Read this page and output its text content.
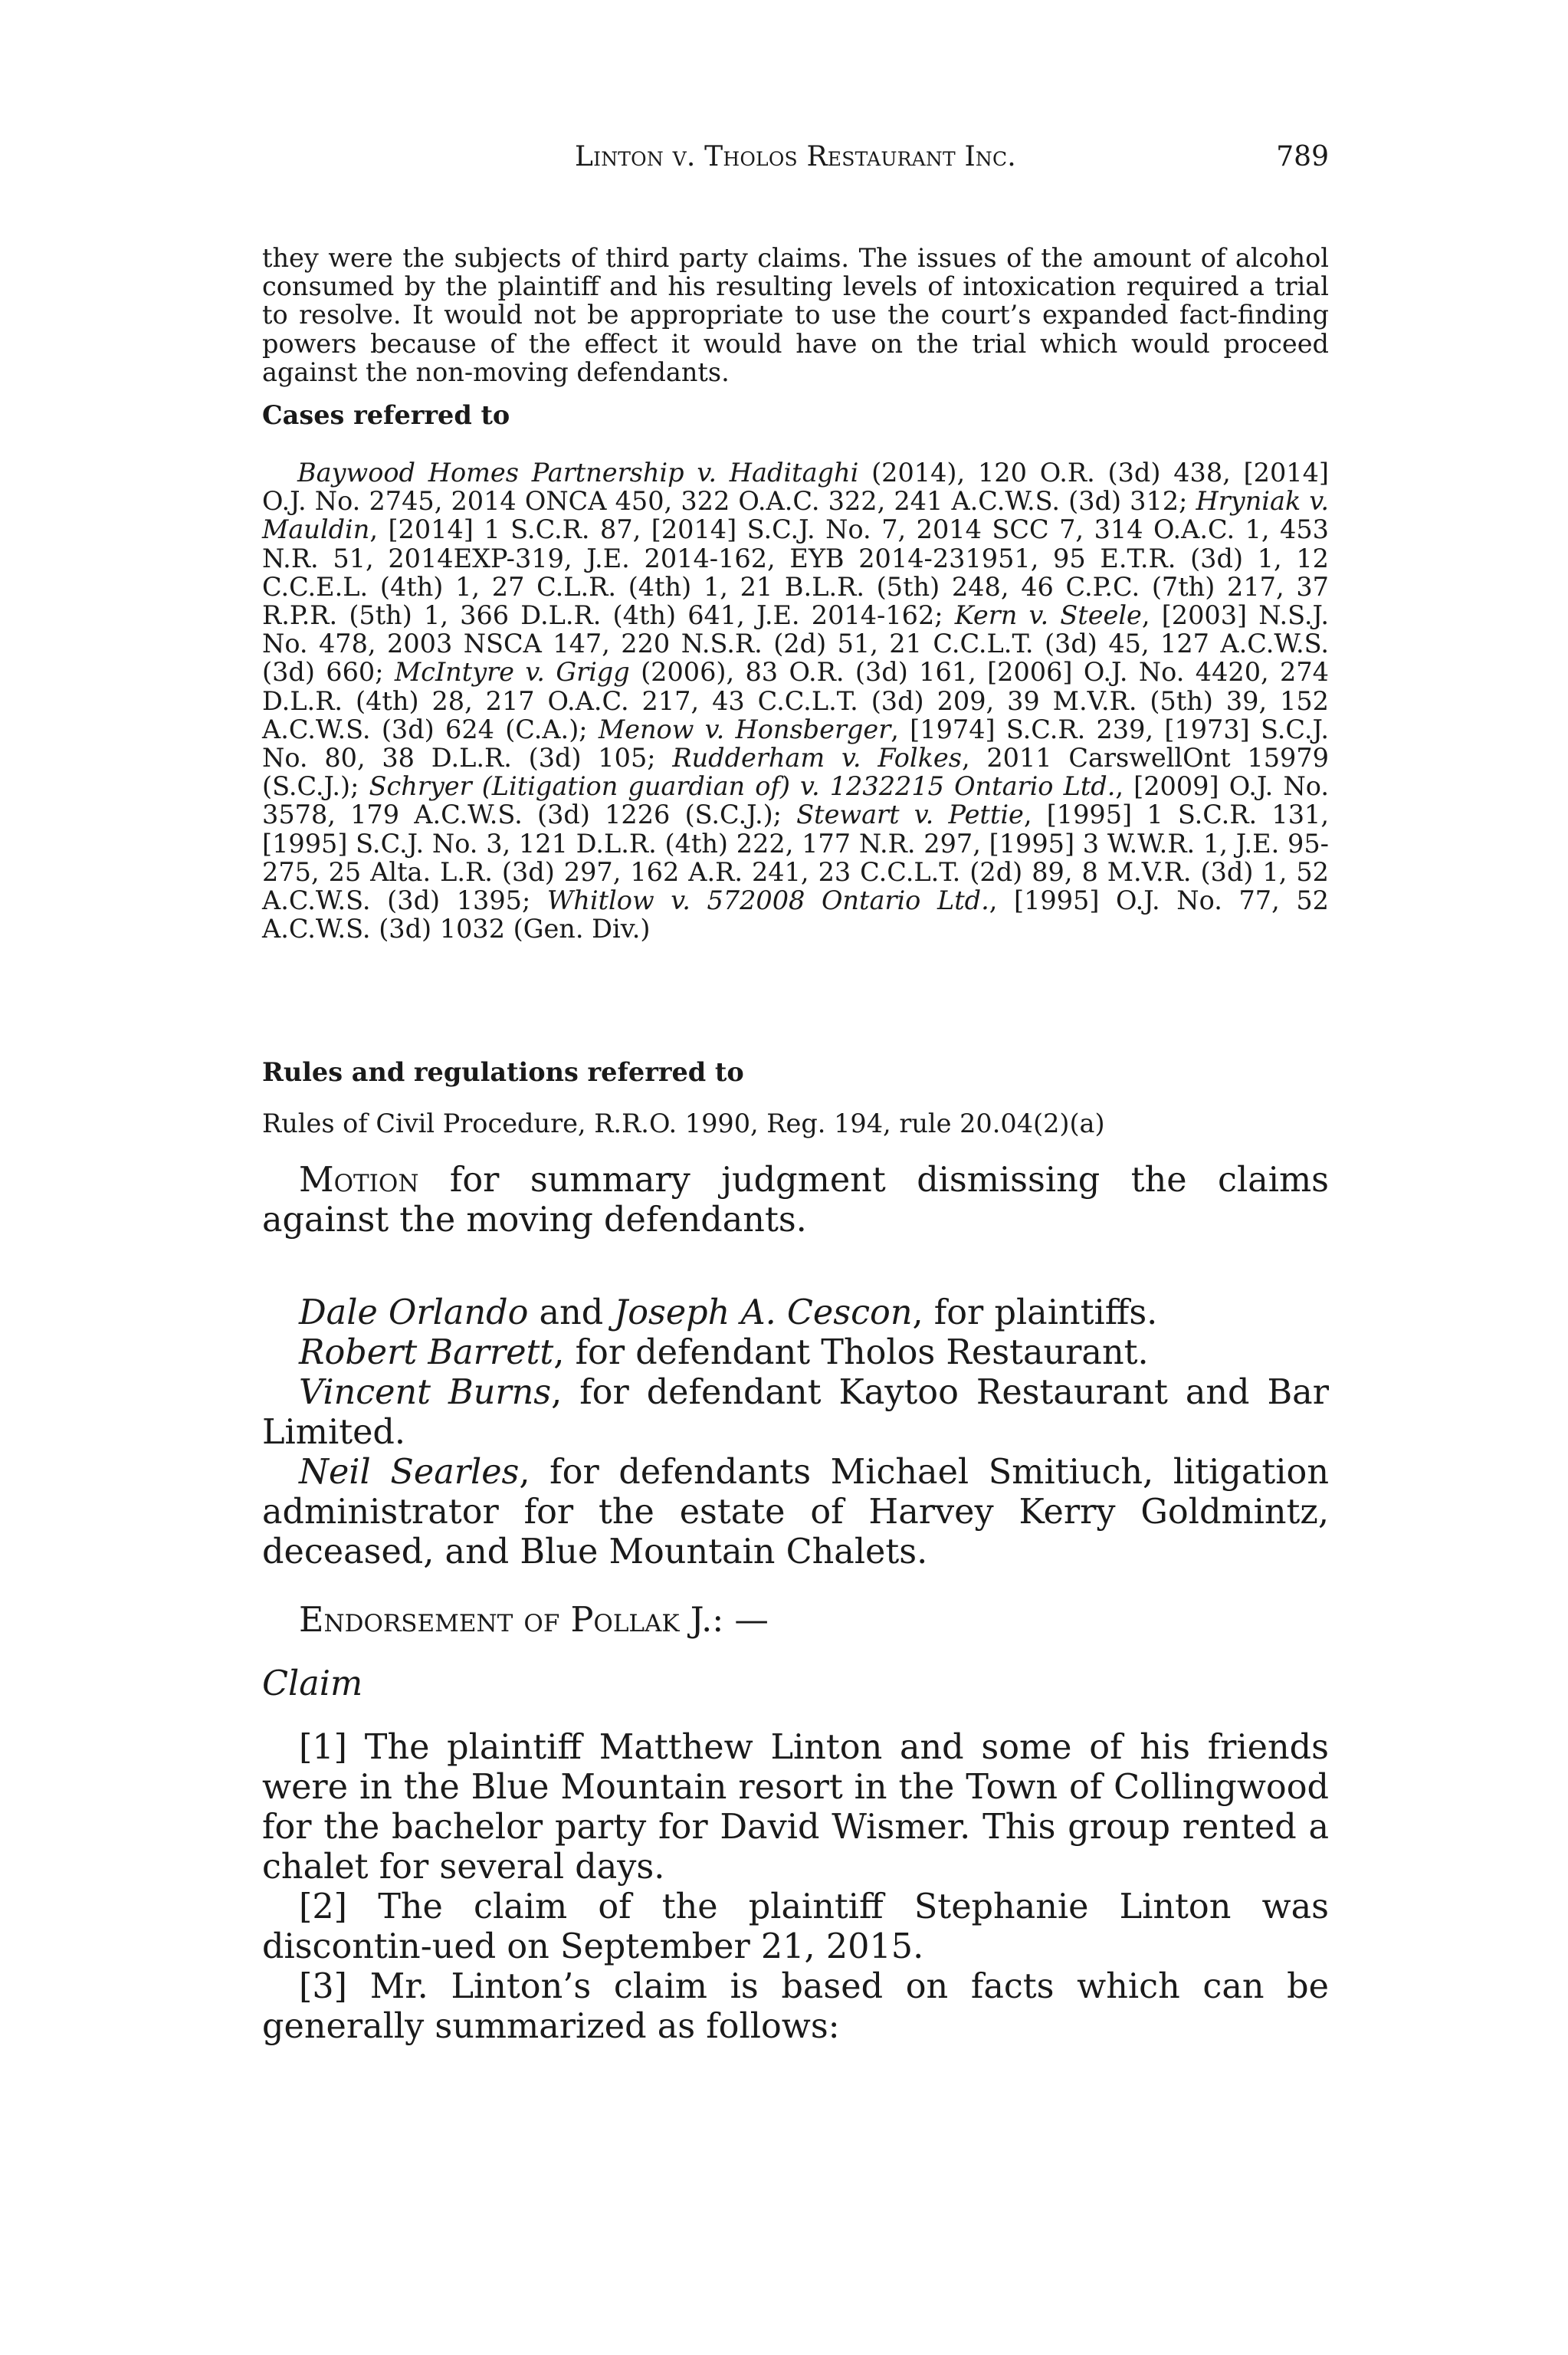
Linton v. Tholos Restaurant Inc.	789

they were the subjects of third party claims. The issues of the amount of alcohol consumed by the plaintiff and his resulting levels of intoxication required a trial to resolve. It would not be appropriate to use the court’s expanded fact-finding powers because of the effect it would have on the trial which would proceed against the non-moving defendants.

Cases referred to

Baywood Homes Partnership v. Haditaghi (2014), 120 O.R. (3d) 438, [2014] O.J. No. 2745, 2014 ONCA 450, 322 O.A.C. 322, 241 A.C.W.S. (3d) 312; Hryniak v. Mauldin, [2014] 1 S.C.R. 87, [2014] S.C.J. No. 7, 2014 SCC 7, 314 O.A.C. 1, 453 N.R. 51, 2014EXP-319, J.E. 2014-162, EYB 2014-231951, 95 E.T.R. (3d) 1, 12 C.C.E.L. (4th) 1, 27 C.L.R. (4th) 1, 21 B.L.R. (5th) 248, 46 C.P.C. (7th) 217, 37 R.P.R. (5th) 1, 366 D.L.R. (4th) 641, J.E. 2014-162; Kern v. Steele, [2003] N.S.J. No. 478, 2003 NSCA 147, 220 N.S.R. (2d) 51, 21 C.C.L.T. (3d) 45, 127 A.C.W.S. (3d) 660; McIntyre v. Grigg (2006), 83 O.R. (3d) 161, [2006] O.J. No. 4420, 274 D.L.R. (4th) 28, 217 O.A.C. 217, 43 C.C.L.T. (3d) 209, 39 M.V.R. (5th) 39, 152 A.C.W.S. (3d) 624 (C.A.); Menow v. Honsberger, [1974] S.C.R. 239, [1973] S.C.J. No. 80, 38 D.L.R. (3d) 105; Rudderham v. Folkes, 2011 CarswellOnt 15979 (S.C.J.); Schryer (Litigation guardian of) v. 1232215 Ontario Ltd., [2009] O.J. No. 3578, 179 A.C.W.S. (3d) 1226 (S.C.J.); Stewart v. Pettie, [1995] 1 S.C.R. 131, [1995] S.C.J. No. 3, 121 D.L.R. (4th) 222, 177 N.R. 297, [1995] 3 W.W.R. 1, J.E. 95-275, 25 Alta. L.R. (3d) 297, 162 A.R. 241, 23 C.C.L.T. (2d) 89, 8 M.V.R. (3d) 1, 52 A.C.W.S. (3d) 1395; Whitlow v. 572008 Ontario Ltd., [1995] O.J. No. 77, 52 A.C.W.S. (3d) 1032 (Gen. Div.)

Rules and regulations referred to

Rules of Civil Procedure, R.R.O. 1990, Reg. 194, rule 20.04(2)(a)

Motion for summary judgment dismissing the claims against the moving defendants.

Dale Orlando and Joseph A. Cescon, for plaintiffs.

Robert Barrett, for defendant Tholos Restaurant.

Vincent Burns, for defendant Kaytoo Restaurant and Bar Limited.

Neil Searles, for defendants Michael Smitiuch, litigation administrator for the estate of Harvey Kerry Goldmintz, deceased, and Blue Mountain Chalets.

Endorsement of Pollak J.: —

Claim

[1] The plaintiff Matthew Linton and some of his friends were in the Blue Mountain resort in the Town of Collingwood for the bachelor party for David Wismer. This group rented a chalet for several days.

[2] The claim of the plaintiff Stephanie Linton was discontin-ued on September 21, 2015.

[3] Mr. Linton’s claim is based on facts which can be generally summarized as follows:
